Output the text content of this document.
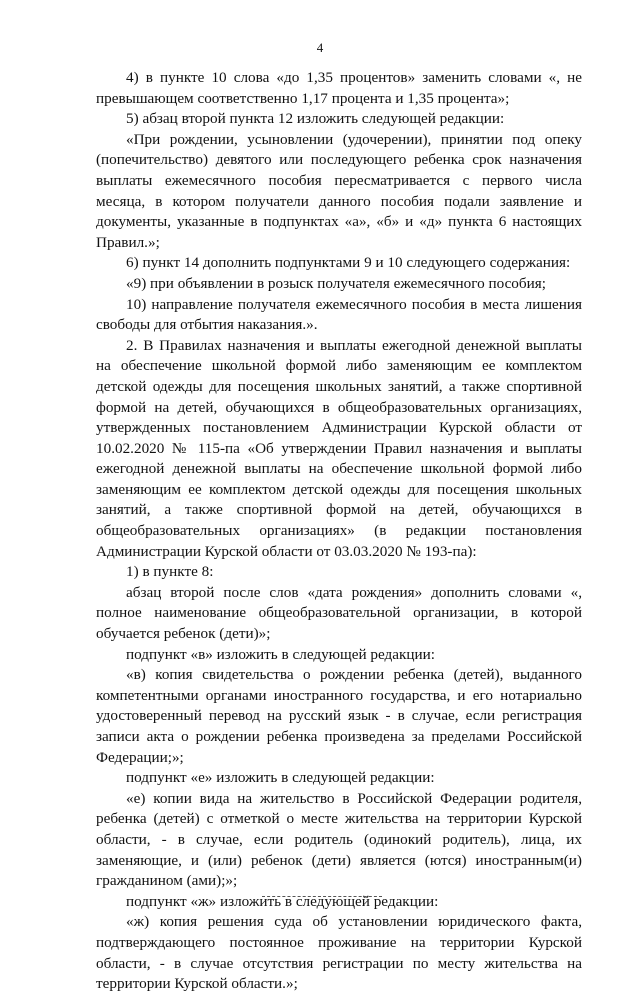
4

4) в пункте 10 слова «до 1,35 процентов» заменить словами «, не превышающем соответственно 1,17 процента и 1,35 процента»;

5) абзац второй пункта 12 изложить следующей редакции:

«При рождении, усыновлении (удочерении), принятии под опеку (попечительство) девятого или последующего ребенка срок назначения выплаты ежемесячного пособия пересматривается с первого числа месяца, в котором получатели данного пособия подали заявление и документы, указанные в подпунктах «а», «б» и «д» пункта 6 настоящих Правил.»;

6) пункт 14 дополнить подпунктами 9 и 10 следующего содержания:

«9) при объявлении в розыск получателя ежемесячного пособия;

10) направление получателя ежемесячного пособия в места лишения свободы для отбытия наказания.».

2. В Правилах назначения и выплаты ежегодной денежной выплаты на обеспечение школьной формой либо заменяющим ее комплектом детской одежды для посещения школьных занятий, а также спортивной формой на детей, обучающихся в общеобразовательных организациях, утвержденных постановлением Администрации Курской области от 10.02.2020 № 115-па «Об утверждении Правил назначения и выплаты ежегодной денежной выплаты на обеспечение школьной формой либо заменяющим ее комплектом детской одежды для посещения школьных занятий, а также спортивной формой на детей, обучающихся в общеобразовательных организациях» (в редакции постановления Администрации Курской области от 03.03.2020 № 193-па):

1) в пункте 8:

абзац второй после слов «дата рождения» дополнить словами «, полное наименование общеобразовательной организации, в которой обучается ребенок (дети)»;

подпункт «в» изложить в следующей редакции:

«в) копия свидетельства о рождении ребенка (детей), выданного компетентными органами иностранного государства, и его нотариально удостоверенный перевод на русский язык - в случае, если регистрация записи акта о рождении ребенка произведена за пределами Российской Федерации;»;

подпункт «е» изложить в следующей редакции:

«е) копии вида на жительство в Российской Федерации родителя, ребенка (детей) с отметкой о месте жительства на территории Курской области, - в случае, если родитель (одинокий родитель), лица, их заменяющие, и (или) ребенок (дети) является (ются) иностранным(и) гражданином (ами);»;

подпункт «ж» изложить в следующей редакции:

«ж) копия решения суда об установлении юридического факта, подтверждающего постоянное проживание на территории Курской области, - в случае отсутствия регистрации по месту жительства на территории Курской области.»;
